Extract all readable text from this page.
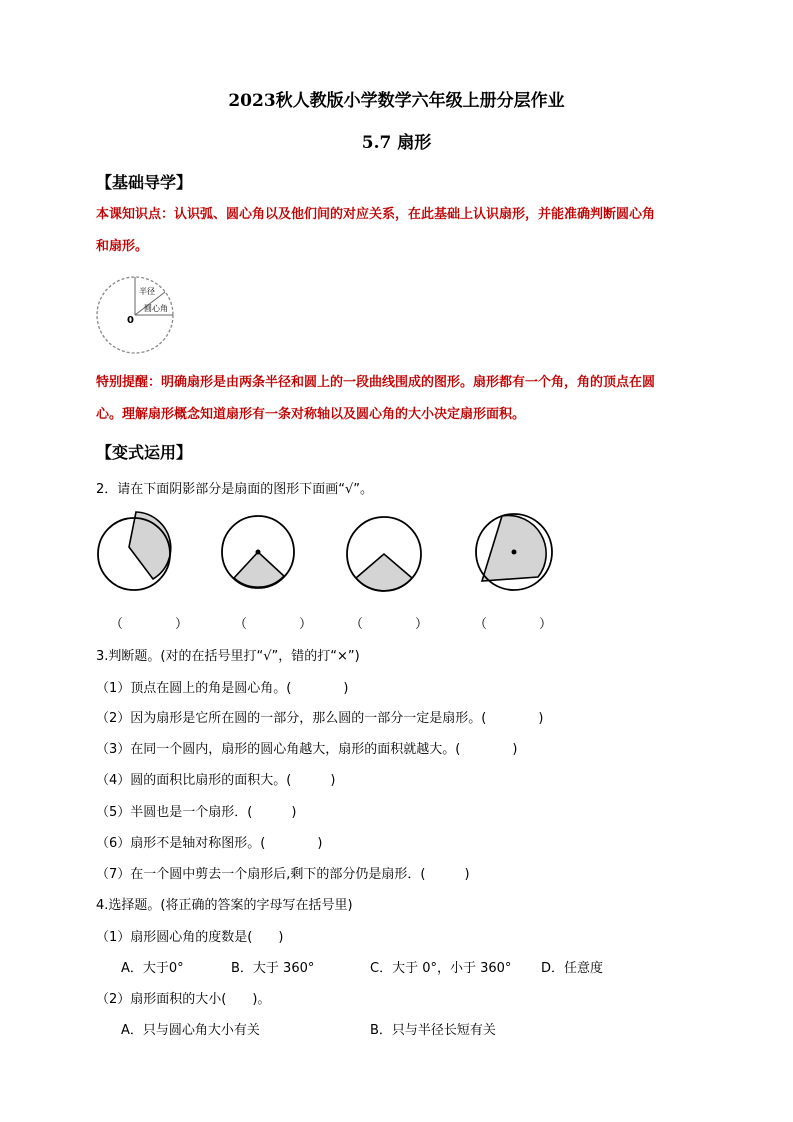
2023秋人教版小学数学六年级上册分层作业
5.7 扇形
【基础导学】
本课知识点：认识弧、圆心角以及他们间的对应关系，在此基础上认识扇形，并能准确判断圆心角
和扇形。
半径
圆心角
0
特别提醒：明确扇形是由两条半径和圆上的一段曲线围成的图形。扇形都有一个角，角的顶点在圆
心。理解扇形概念知道扇形有一条对称轴以及圆心角的大小决定扇形面积。
【变式运用】
2．请在下面阴影部分是扇面的图形下面画“√”。
（　　　　）	（　　　　）	（　　　　）	（　　　　）
3.判断题。(对的在括号里打“√”，错的打“×”)
（1）顶点在圆上的角是圆心角。(　　　　)
（2）因为扇形是它所在圆的一部分，那么圆的一部分一定是扇形。(　　　　)
（3）在同一个圆内，扇形的圆心角越大，扇形的面积就越大。(　　　　)
（4）圆的面积比扇形的面积大。(　　　)
（5）半圆也是一个扇形．(　　　)
（6）扇形不是轴对称图形。(　　　　)
（7）在一个圆中剪去一个扇形后,剩下的部分仍是扇形．(　　　)
4.选择题。(将正确的答案的字母写在括号里)
（1）扇形圆心角的度数是(　　)
A．大于0°	B．大于 360°	C．大于 0°，小于 360° D．任意度
（2）扇形面积的大小(　　)。
A．只与圆心角大小有关	B．只与半径长短有关
